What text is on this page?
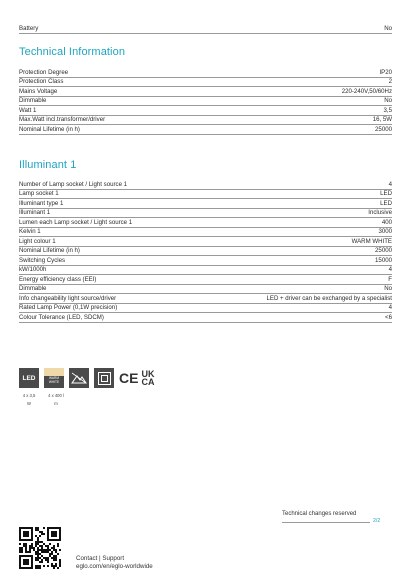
Battery	No
Technical Information
Protection Degree	IP20
Protection Class	2
Mains Voltage	220-240V,50/60Hz
Dimmable	No
Watt 1	3,5
Max.Watt incl.transformer/driver	16, 5W
Nominal Lifetime (in h)	25000
Illuminant 1
Number of Lamp socket / Light source 1	4
Lamp socket 1	LED
Illuminant type 1	LED
Illuminant 1	Inclusive
Lumen each Lamp socket / Light source 1	400
Kelvin 1	3000
Light colour 1	WARM WHITE
Nominal Lifetime (in h)	25000
Switching Cycles	15000
kW/1000h	4
Energy efficiency class (EEI)	F
Dimmable	No
Info changeability light source/driver	LED + driver can be exchanged by a specialist
Rated Lamp Power (0,1W precision)	4
Colour Tolerance (LED, SDCM)	<6
LED	WARM WHITE	CE UK
CA
4 x 3,5
W
4 x 400 l
m
Technical changes reserved
2/2
Contact | Support
eglo.com/en/eglo-worldwide
